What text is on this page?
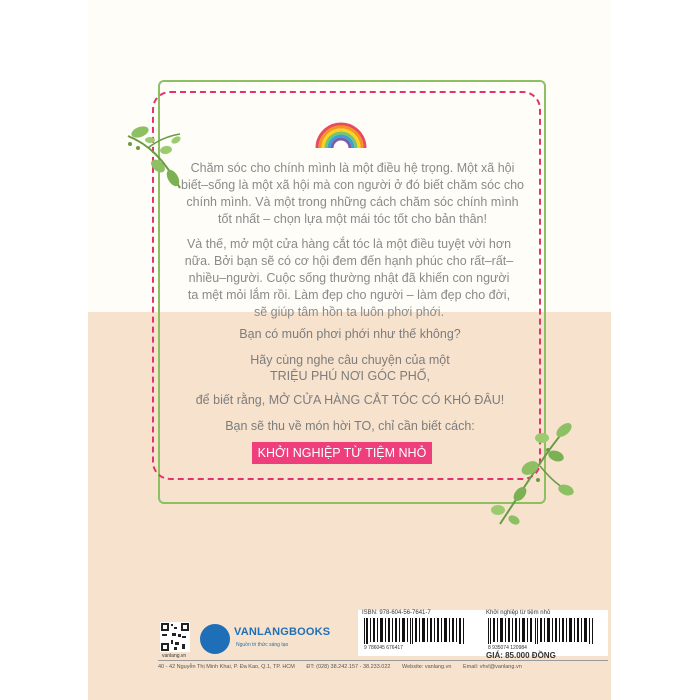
Chăm sóc cho chính mình là một điều hệ trọng. Một xã hội biết–sống là một xã hội mà con người ở đó biết chăm sóc cho chính mình. Và một trong những cách chăm sóc chính mình tốt nhất – chọn lựa một mái tóc tốt cho bản thân!
Và thế, mở một cửa hàng cắt tóc là một điều tuyệt vời hơn nữa. Bởi bạn sẽ có cơ hội đem đến hạnh phúc cho rất–rất–nhiều–người. Cuộc sống thường nhật đã khiến con người ta mệt mỏi lắm rồi. Làm đẹp cho người – làm đẹp cho đời, sẽ giúp tâm hồn ta luôn phơi phới.
Bạn có muốn phơi phới như thế không?
Hãy cùng nghe câu chuyện của một
TRIỆU PHÚ NƠI GÓC PHỐ,
để biết rằng, MỞ CỬA HÀNG CẮT TÓC CÓ KHÓ ĐÂU!
Bạn sẽ thu về món hời TO, chỉ cần biết cách:
KHỞI NGHIỆP TỪ TIỆM NHỎ
vanlang.vn
VANLANGBOOKS
Nguồn tri thức sáng tạo
ISBN: 978-604-56-7641-7	Khởi nghiệp từ tiệm nhỏ
9 786045 676417	8 935074 120984
GIÁ: 85.000 ĐỒNG
40 - 42 Nguyễn Thị Minh Khai, P. Đa Kao, Q.1, TP. HCM ĐT: (028) 38.242.157 - 38.233.022 Website: vanlang.vn Email: vhvl@vanlang.vn
